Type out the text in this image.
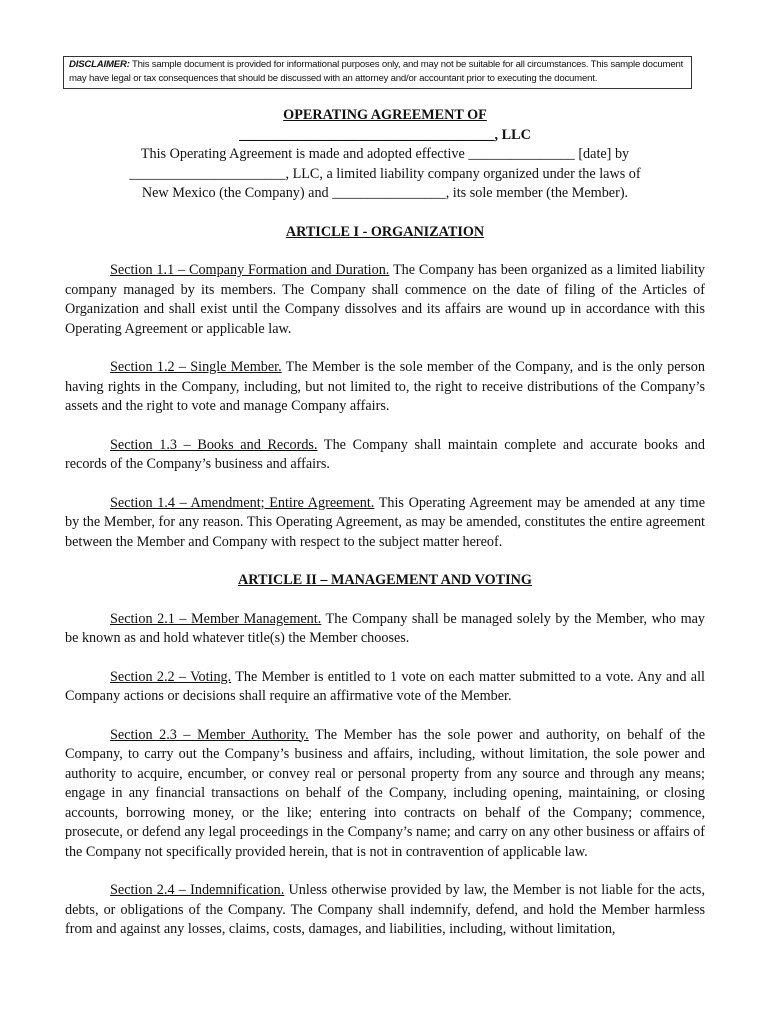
DISCLAIMER: This sample document is provided for informational purposes only, and may not be suitable for all circumstances. This sample document may have legal or tax consequences that should be discussed with an attorney and/or accountant prior to executing the document.

OPERATING AGREEMENT OF

____________________________________, LLC

This Operating Agreement is made and adopted effective _______________ [date] by
______________________, LLC, a limited liability company organized under the laws of
New Mexico (the Company) and ________________, its sole member (the Member).

ARTICLE I - ORGANIZATION

Section 1.1 – Company Formation and Duration. The Company has been organized as a limited liability company managed by its members. The Company shall commence on the date of filing of the Articles of Organization and shall exist until the Company dissolves and its affairs are wound up in accordance with this Operating Agreement or applicable law.

Section 1.2 – Single Member. The Member is the sole member of the Company, and is the only person having rights in the Company, including, but not limited to, the right to receive distributions of the Company’s assets and the right to vote and manage Company affairs.

Section 1.3 – Books and Records. The Company shall maintain complete and accurate books and records of the Company’s business and affairs.

Section 1.4 – Amendment; Entire Agreement. This Operating Agreement may be amended at any time by the Member, for any reason. This Operating Agreement, as may be amended, constitutes the entire agreement between the Member and Company with respect to the subject matter hereof.

ARTICLE II – MANAGEMENT AND VOTING

Section 2.1 – Member Management. The Company shall be managed solely by the Member, who may be known as and hold whatever title(s) the Member chooses.

Section 2.2 – Voting. The Member is entitled to 1 vote on each matter submitted to a vote. Any and all Company actions or decisions shall require an affirmative vote of the Member.

Section 2.3 – Member Authority. The Member has the sole power and authority, on behalf of the Company, to carry out the Company’s business and affairs, including, without limitation, the sole power and authority to acquire, encumber, or convey real or personal property from any source and through any means; engage in any financial transactions on behalf of the Company, including opening, maintaining, or closing accounts, borrowing money, or the like; entering into contracts on behalf of the Company; commence, prosecute, or defend any legal proceedings in the Company’s name; and carry on any other business or affairs of the Company not specifically provided herein, that is not in contravention of applicable law.

Section 2.4 – Indemnification. Unless otherwise provided by law, the Member is not liable for the acts, debts, or obligations of the Company. The Company shall indemnify, defend, and hold the Member harmless from and against any losses, claims, costs, damages, and liabilities, including, without limitation,
